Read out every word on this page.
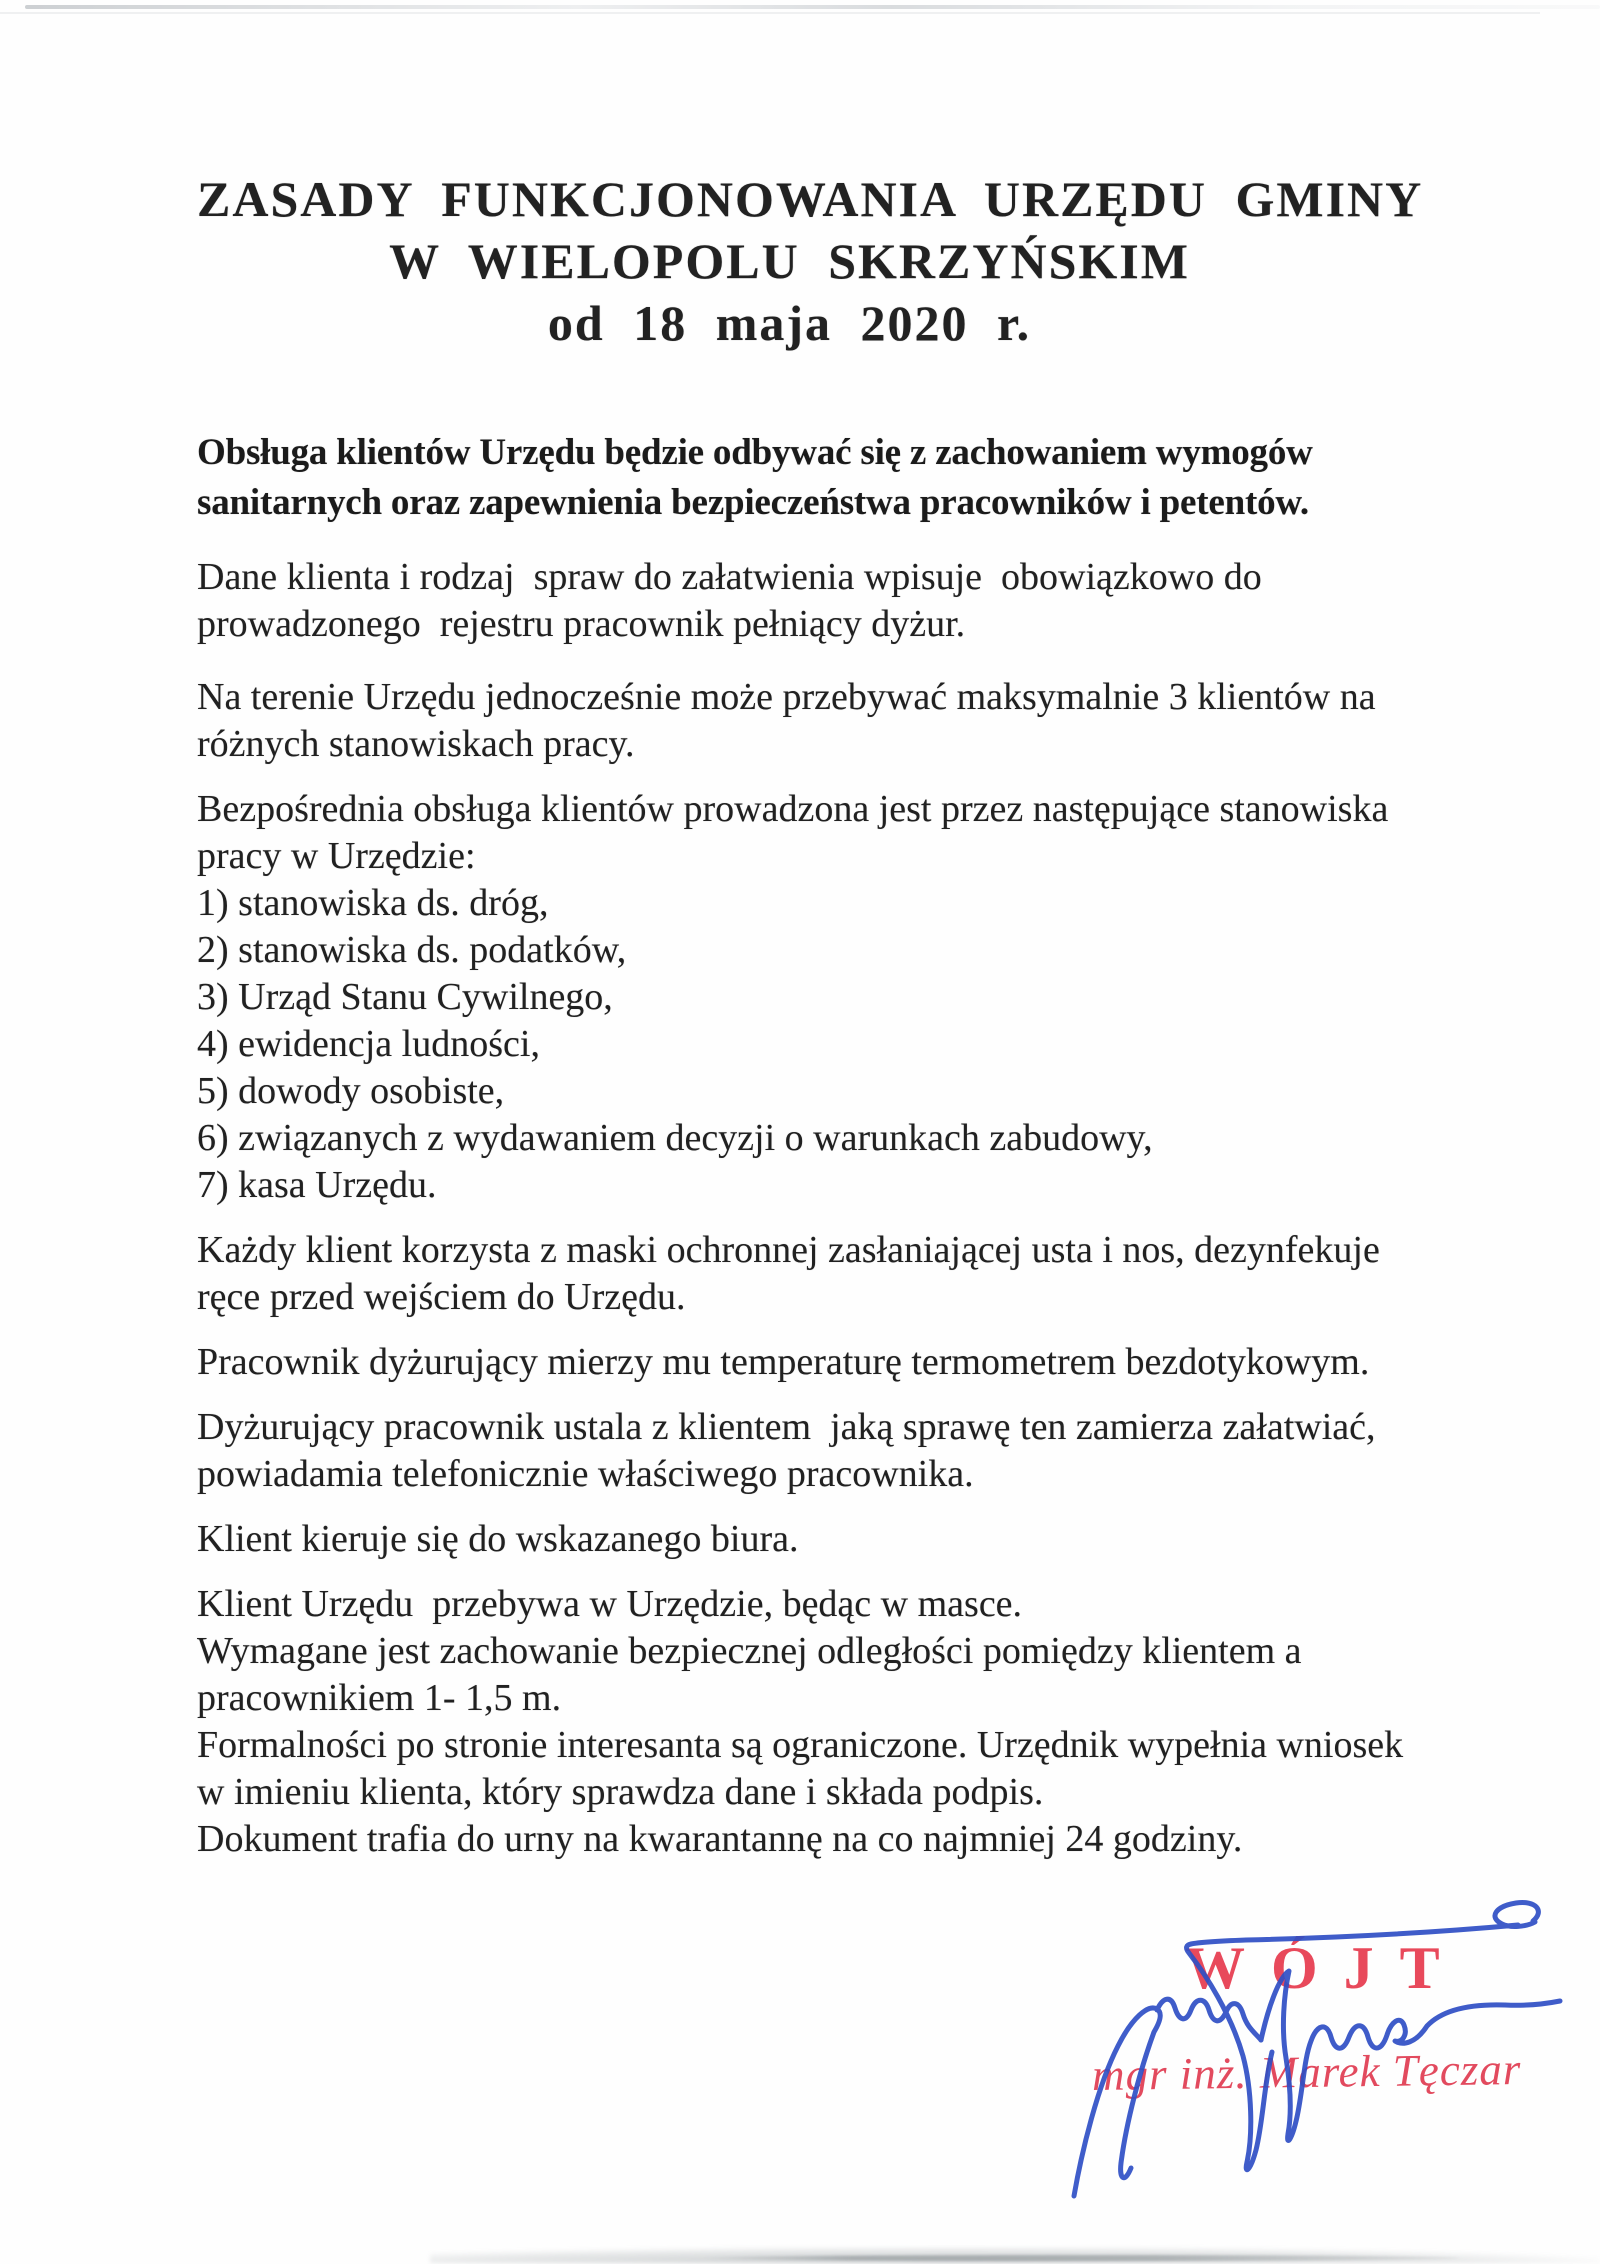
ZASADY FUNKCJONOWANIA URZĘDU GMINY
W WIELOPOLU SKRZYŃSKIM
od 18 maja 2020 r.
Obsługa klientów Urzędu będzie odbywać się z zachowaniem wymogów
sanitarnych oraz zapewnienia bezpieczeństwa pracowników i petentów.
Dane klienta i rodzaj  spraw do załatwienia wpisuje  obowiązkowo do
prowadzonego  rejestru pracownik pełniący dyżur.
Na terenie Urzędu jednocześnie może przebywać maksymalnie 3 klientów na
różnych stanowiskach pracy.
Bezpośrednia obsługa klientów prowadzona jest przez następujące stanowiska
pracy w Urzędzie:
1) stanowiska ds. dróg,
2) stanowiska ds. podatków,
3) Urząd Stanu Cywilnego,
4) ewidencja ludności,
5) dowody osobiste,
6) związanych z wydawaniem decyzji o warunkach zabudowy,
7) kasa Urzędu.
Każdy klient korzysta z maski ochronnej zasłaniającej usta i nos, dezynfekuje
ręce przed wejściem do Urzędu.
Pracownik dyżurujący mierzy mu temperaturę termometrem bezdotykowym.
Dyżurujący pracownik ustala z klientem  jaką sprawę ten zamierza załatwiać,
powiadamia telefonicznie właściwego pracownika.
Klient kieruje się do wskazanego biura.
Klient Urzędu  przebywa w Urzędzie, będąc w masce.
Wymagane jest zachowanie bezpiecznej odległości pomiędzy klientem a
pracownikiem 1- 1,5 m.
Formalności po stronie interesanta są ograniczone. Urzędnik wypełnia wniosek
w imieniu klienta, który sprawdza dane i składa podpis.
Dokument trafia do urny na kwarantannę na co najmniej 24 godziny.
WÓJT
mgr inż. Marek Tęczar
